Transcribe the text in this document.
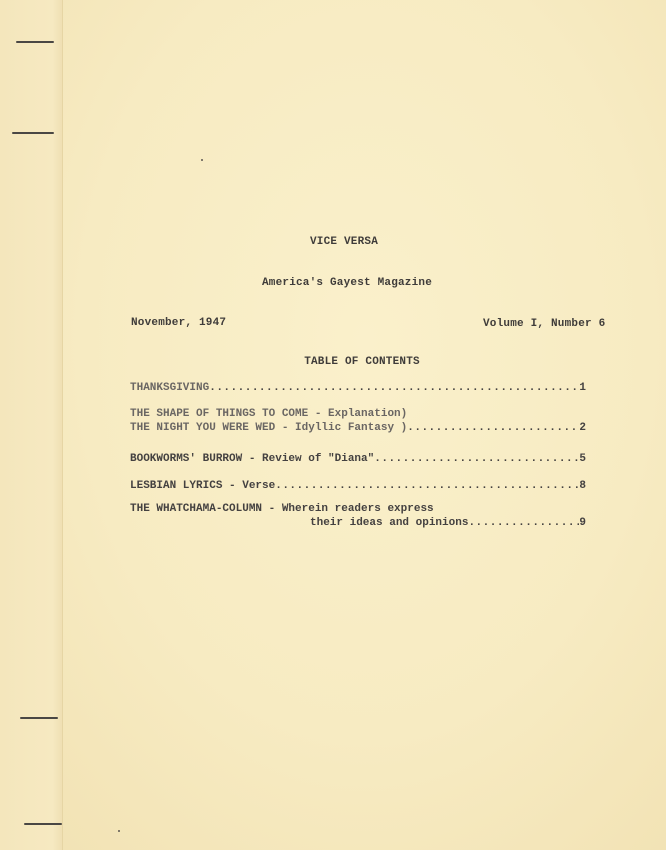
VICE VERSA
America's Gayest Magazine
November, 1947	Volume I, Number 6
TABLE OF CONTENTS
THANKSGIVING .....	1
THE SHAPE OF THINGS TO COME - Explanation)
THE NIGHT YOU WERE WED - Idyllic Fantasy ) .....	2
BOOKWORMS' BURROW - Review of "Diana" .....	5
LESBIAN LYRICS - Verse .....	8
THE WHATCHAMA-COLUMN - Wherein readers express
their ideas and opinions .....	9
